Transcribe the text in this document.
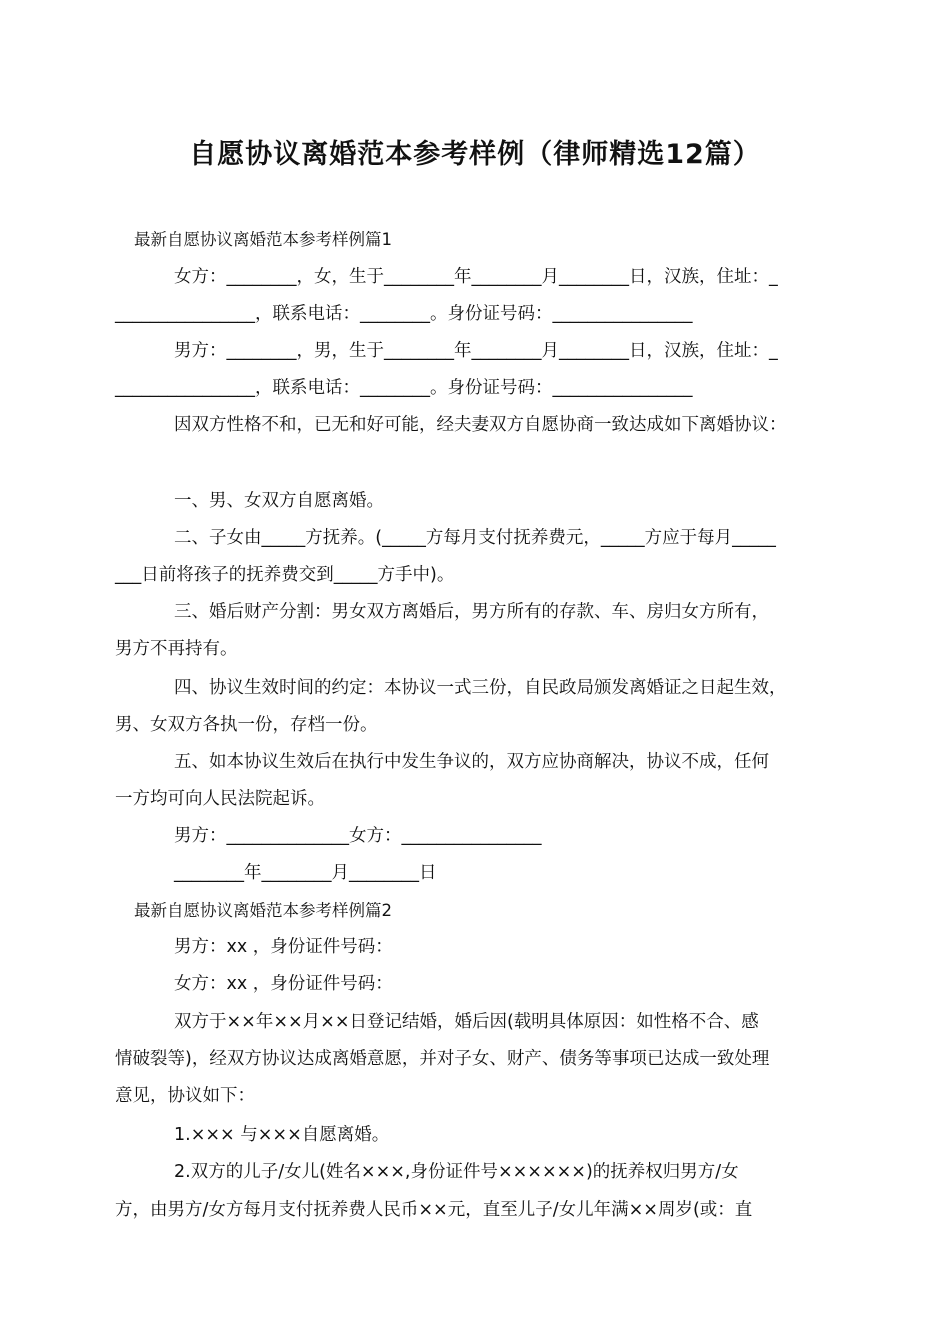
自愿协议离婚范本参考样例（律师精选12篇）
最新自愿协议离婚范本参考样例篇1
女方：________，女，生于________年________月________日，汉族，住址：_
________________，联系电话：________。身份证号码：________________
男方：________，男，生于________年________月________日，汉族，住址：_
________________，联系电话：________。身份证号码：________________
因双方性格不和，已无和好可能，经夫妻双方自愿协商一致达成如下离婚协议：
一、男、女双方自愿离婚。
二、子女由_____方抚养。(_____方每月支付抚养费元，_____方应于每月_____
___日前将孩子的抚养费交到_____方手中)。
三、婚后财产分割：男女双方离婚后，男方所有的存款、车、房归女方所有，
男方不再持有。
四、协议生效时间的约定：本协议一式三份，自民政局颁发离婚证之日起生效，
男、女双方各执一份，存档一份。
五、如本协议生效后在执行中发生争议的，双方应协商解决，协议不成，任何
一方均可向人民法院起诉。
男方：______________女方：________________
________年________月________日
最新自愿协议离婚范本参考样例篇2
男方：xx ，身份证件号码：
女方：xx ，身份证件号码：
双方于××年××月××日登记结婚，婚后因(载明具体原因：如性格不合、感
情破裂等)，经双方协议达成离婚意愿，并对子女、财产、债务等事项已达成一致处理
意见，协议如下：
1.××× 与×××自愿离婚。
2.双方的儿子/女儿(姓名×××,身份证件号××××××)的抚养权归男方/女
方，由男方/女方每月支付抚养费人民币××元，直至儿子/女儿年满××周岁(或：直
